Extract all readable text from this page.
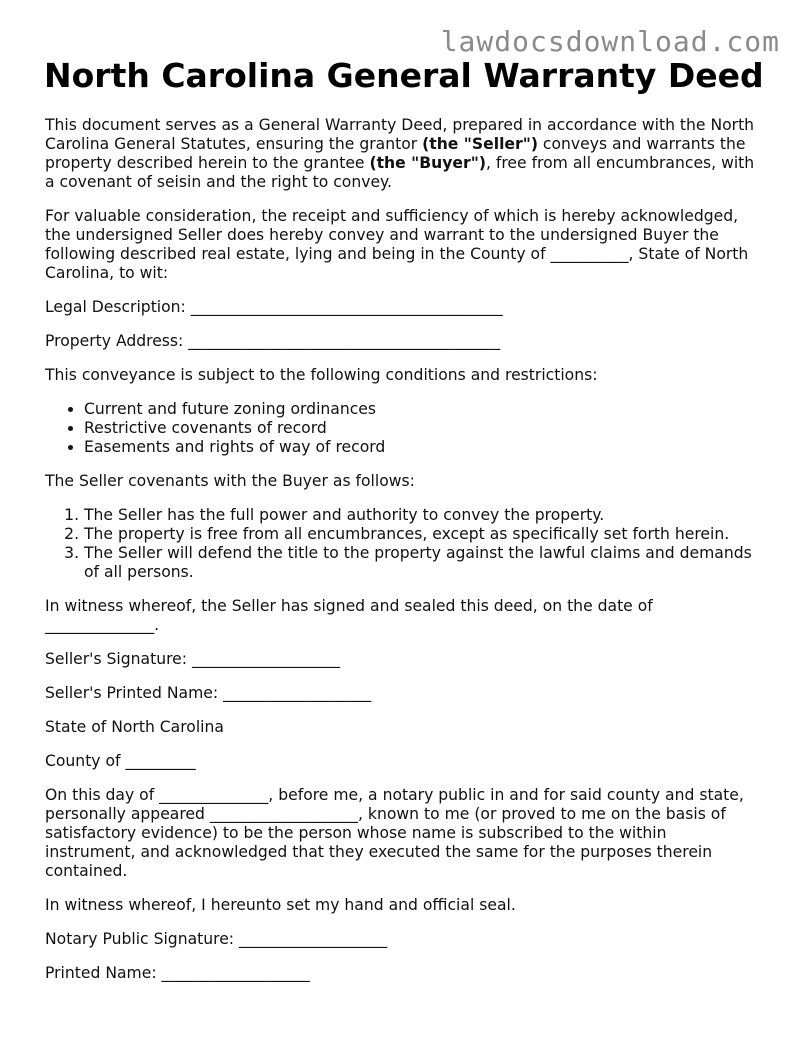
lawdocsdownload.com
North Carolina General Warranty Deed

This document serves as a General Warranty Deed, prepared in accordance with the North Carolina General Statutes, ensuring the grantor (the "Seller") conveys and warrants the property described herein to the grantee (the "Buyer"), free from all encumbrances, with a covenant of seisin and the right to convey.

For valuable consideration, the receipt and sufficiency of which is hereby acknowledged, the undersigned Seller does hereby convey and warrant to the undersigned Buyer the following described real estate, lying and being in the County of __________, State of North Carolina, to wit:

Legal Description: ________________________________________

Property Address: ________________________________________

This conveyance is subject to the following conditions and restrictions:

• Current and future zoning ordinances
• Restrictive covenants of record
• Easements and rights of way of record

The Seller covenants with the Buyer as follows:

1. The Seller has the full power and authority to convey the property.
2. The property is free from all encumbrances, except as specifically set forth herein.
3. The Seller will defend the title to the property against the lawful claims and demands of all persons.

In witness whereof, the Seller has signed and sealed this deed, on the date of ______________.

Seller's Signature: ___________________

Seller's Printed Name: ___________________

State of North Carolina

County of _________

On this day of ______________, before me, a notary public in and for said county and state, personally appeared ___________________, known to me (or proved to me on the basis of satisfactory evidence) to be the person whose name is subscribed to the within instrument, and acknowledged that they executed the same for the purposes therein contained.

In witness whereof, I hereunto set my hand and official seal.

Notary Public Signature: ___________________

Printed Name: ___________________
